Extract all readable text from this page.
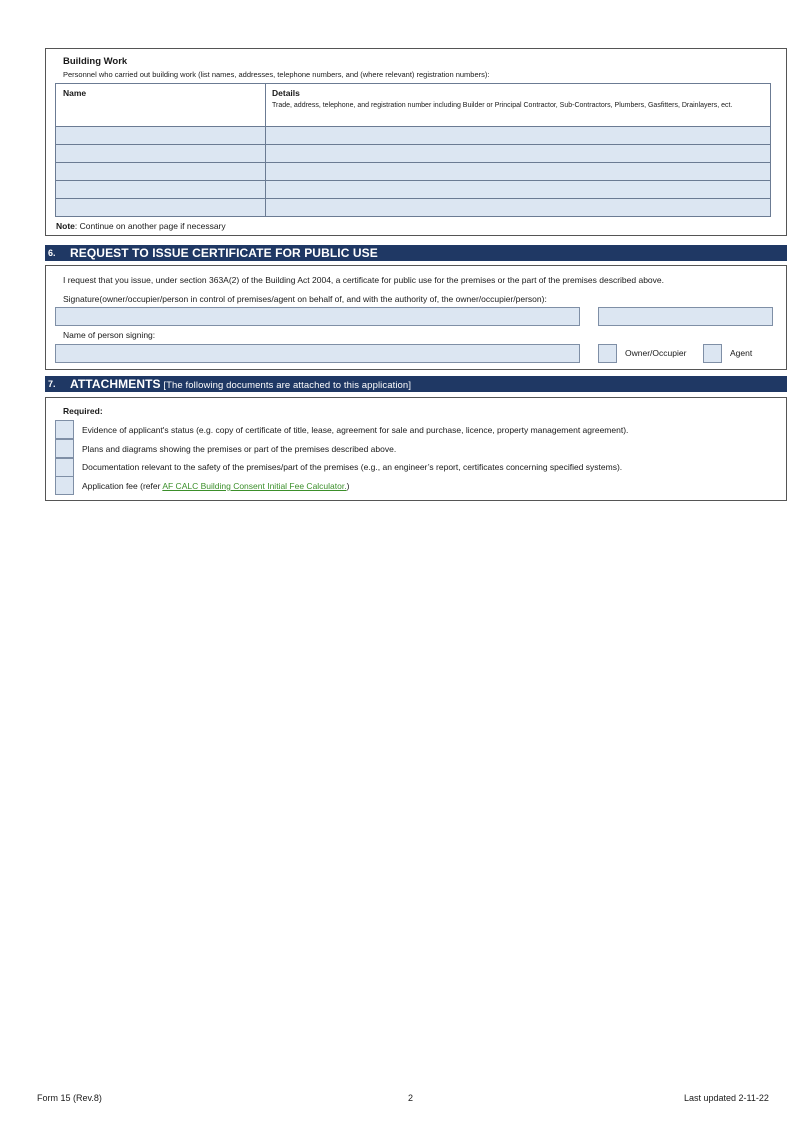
Building Work
Personnel who carried out building work (list names, addresses, telephone numbers, and (where relevant) registration numbers):
Name	Details
Trade, address, telephone, and registration number including Builder or Principal Contractor, Sub-Contractors, Plumbers, Gasfitters, Drainlayers, ect.

Note: Continue on another page if necessary
6. REQUEST TO ISSUE CERTIFICATE FOR PUBLIC USE
I request that you issue, under section 363A(2) of the Building Act 2004, a certificate for public use for the premises or the part of the premises described above.
Signature(owner/occupier/person in control of premises/agent on behalf of, and with the authority of, the owner/occupier/person):
Name of person signing:
Owner/Occupier	Agent
7. ATTACHMENTS [The following documents are attached to this application]
Required:
Evidence of applicant's status (e.g. copy of certificate of title, lease, agreement for sale and purchase, licence, property management agreement).
Plans and diagrams showing the premises or part of the premises described above.
Documentation relevant to the safety of the premises/part of the premises (e.g., an engineer’s report, certificates concerning specified systems).
Application fee (refer AF CALC Building Consent Initial Fee Calculator.)
Form 15 (Rev.8)	2	Last updated 2-11-22
